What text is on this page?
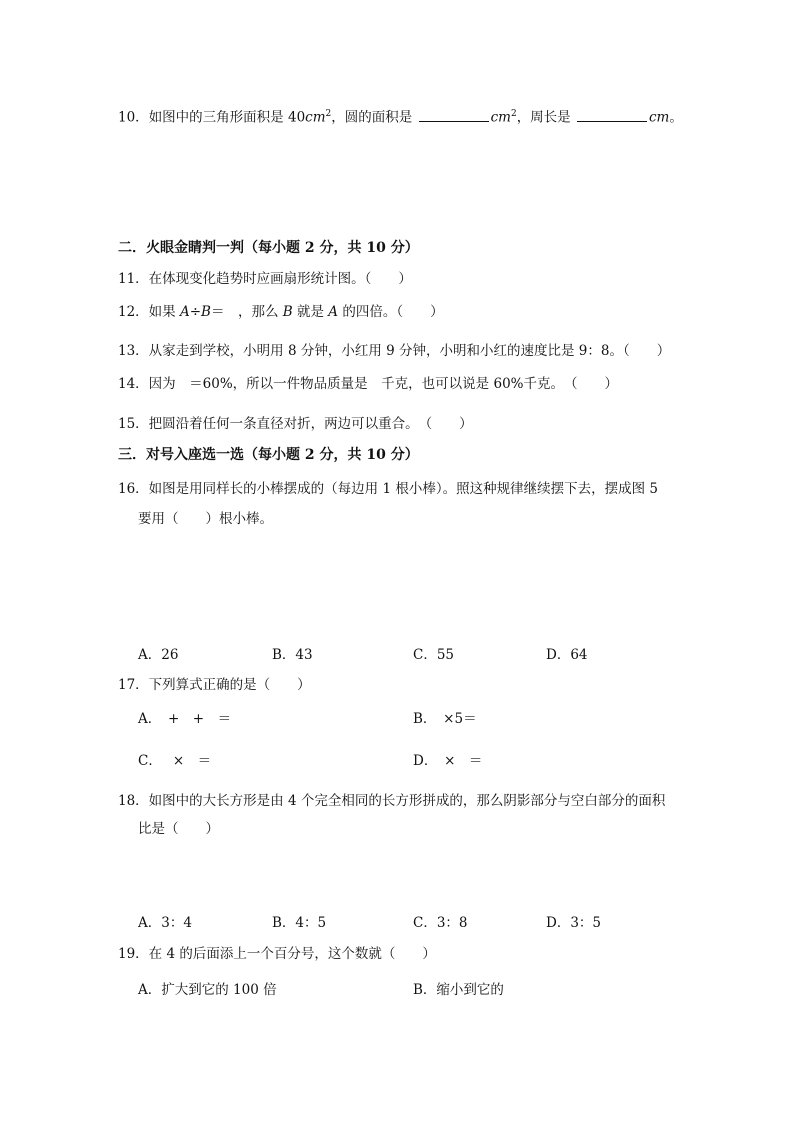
10．如图中的三角形面积是 $40cm^2$，圆的面积是	$cm^2$，周长是	cm。
二．火眼金睛判一判（每小题 2 分，共 10 分）
11．在体现变化趋势时应画扇形统计图。（　　）
12．如果 A÷B＝　，那么 B 就是 A 的四倍。（　　）
13．从家走到学校，小明用 8 分钟，小红用 9 分钟，小明和小红的速度比是 9：8。（　　）
14．因为　＝60%，所以一件物品质量是　千克，也可以说是 60%千克。　（　　）
15．把圆沿着任何一条直径对折，两边可以重合。　（　　）
三．对号入座选一选（每小题 2 分，共 10 分）
16．如图是用同样长的小棒摆成的（每边用 1 根小棒）。照这种规律继续摆下去，摆成图 5
要用（　　）根小棒。
A．26	B．43	C．55	D．64
17．下列算式正确的是（　　）
A．　+　+　＝	B．　×5＝
C．　 ×　＝	D．　×　＝
18．如图中的大长方形是由 4 个完全相同的长方形拼成的，那么阴影部分与空白部分的面积
比是（　　）
A．3：4	B．4：5	C．3：8	D．3：5
19．在 4 的后面添上一个百分号，这个数就（　　）
A．扩大到它的 100 倍	B．缩小到它的
